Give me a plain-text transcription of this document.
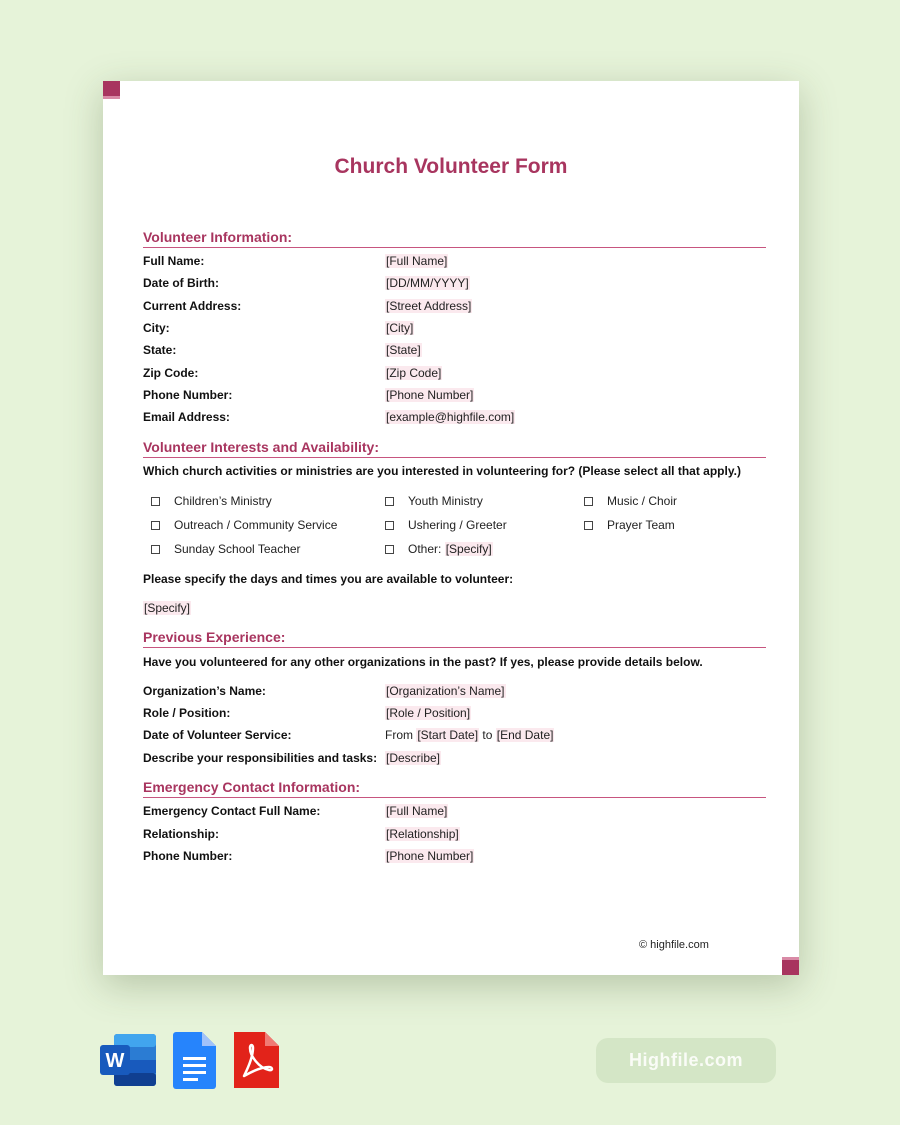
Church Volunteer Form
Volunteer Information:
Full Name:	[Full Name]
Date of Birth:	[DD/MM/YYYY]
Current Address:	[Street Address]
City:	[City]
State:	[State]
Zip Code:	[Zip Code]
Phone Number:	[Phone Number]
Email Address:	[example@highfile.com]
Volunteer Interests and Availability:
Which church activities or ministries are you interested in volunteering for? (Please select all that apply.)
Children’s Ministry	Youth Ministry	Music / Choir
Outreach / Community Service	Ushering / Greeter	Prayer Team
Sunday School Teacher	Other: [Specify]
Please specify the days and times you are available to volunteer:
[Specify]
Previous Experience:
Have you volunteered for any other organizations in the past? If yes, please provide details below.
Organization’s Name:	[Organization’s Name]
Role / Position:	[Role / Position]
Date of Volunteer Service:	From [Start Date] to [End Date]
Describe your responsibilities and tasks: [Describe]
Emergency Contact Information:
Emergency Contact Full Name:	[Full Name]
Relationship:	[Relationship]
Phone Number:	[Phone Number]
© highfile.com
W	Highfile.com
